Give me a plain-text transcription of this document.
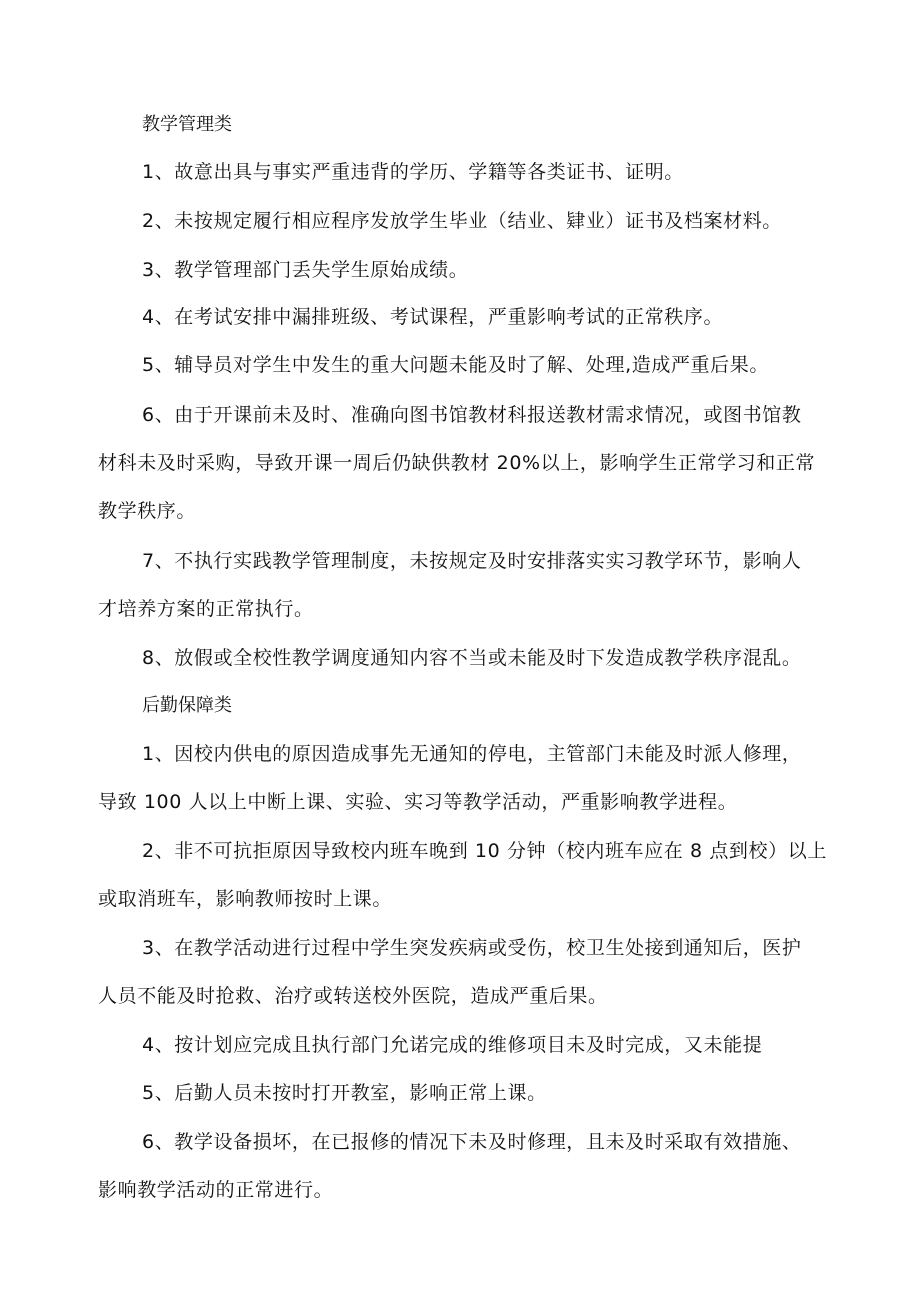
教学管理类
1、故意出具与事实严重违背的学历、学籍等各类证书、证明。
2、未按规定履行相应程序发放学生毕业（结业、肄业）证书及档案材料。
3、教学管理部门丢失学生原始成绩。
4、在考试安排中漏排班级、考试课程，严重影响考试的正常秩序。
5、辅导员对学生中发生的重大问题未能及时了解、处理,造成严重后果。
6、由于开课前未及时、准确向图书馆教材科报送教材需求情况，或图书馆教
材科未及时采购，导致开课一周后仍缺供教材 20%以上，影响学生正常学习和正常
教学秩序。
7、不执行实践教学管理制度，未按规定及时安排落实实习教学环节，影响人
才培养方案的正常执行。
8、放假或全校性教学调度通知内容不当或未能及时下发造成教学秩序混乱。
后勤保障类
1、因校内供电的原因造成事先无通知的停电，主管部门未能及时派人修理，
导致 100 人以上中断上课、实验、实习等教学活动，严重影响教学进程。
2、非不可抗拒原因导致校内班车晚到 10 分钟（校内班车应在 8 点到校）以上
或取消班车，影响教师按时上课。
3、在教学活动进行过程中学生突发疾病或受伤，校卫生处接到通知后，医护
人员不能及时抢救、治疗或转送校外医院，造成严重后果。
4、按计划应完成且执行部门允诺完成的维修项目未及时完成，又未能提
5、后勤人员未按时打开教室，影响正常上课。
6、教学设备损坏，在已报修的情况下未及时修理，且未及时采取有效措施、
影响教学活动的正常进行。
